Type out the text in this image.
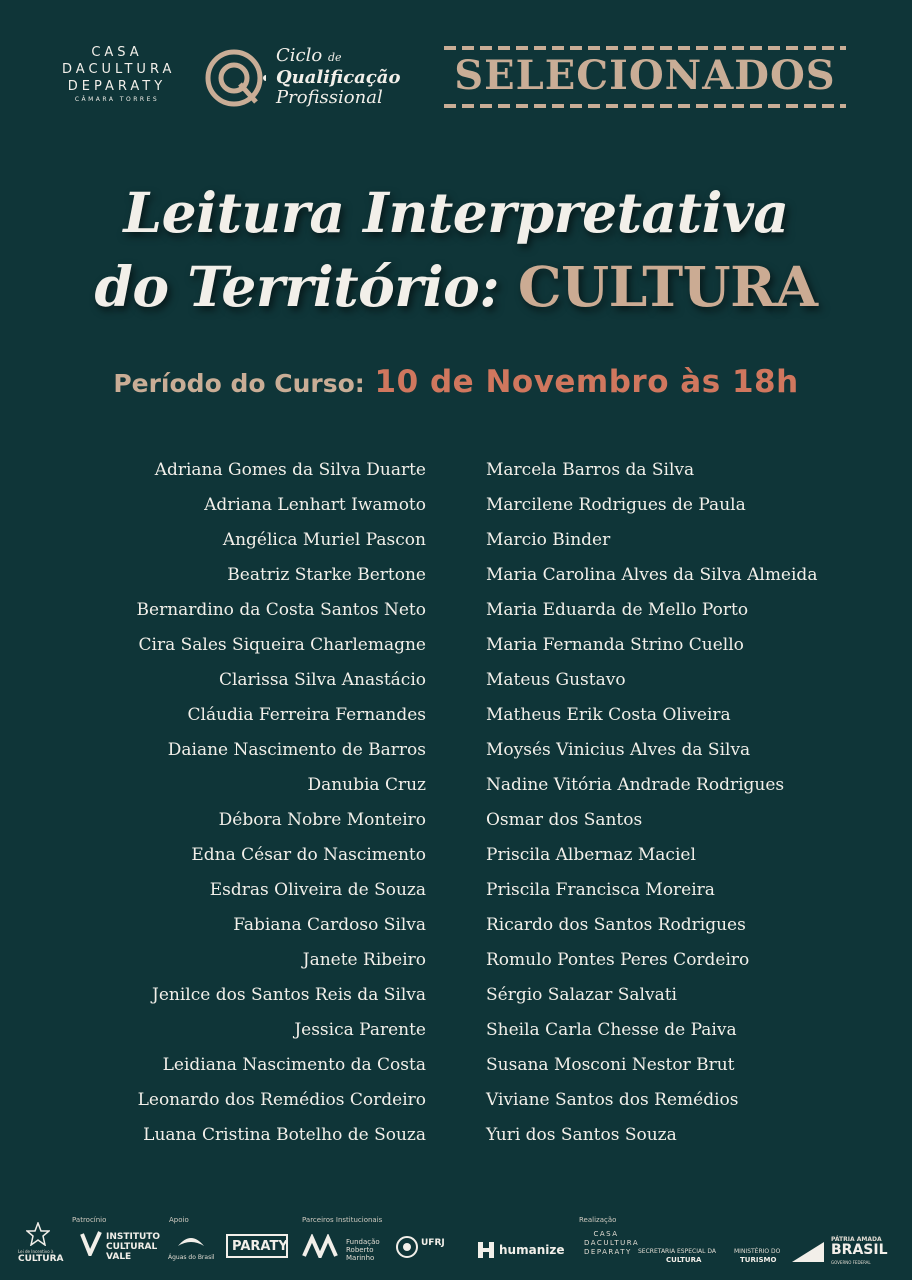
CASA
DACULTURA
DEPARATY
CÂMARA TORRES
Ciclo de
Qualificação
Profissional	SELECIONADOS
Leitura Interpretativa
do Território: CULTURA
Período do Curso: 10 de Novembro às 18h
Adriana Gomes da Silva Duarte
Adriana Lenhart Iwamoto
Angélica Muriel Pascon
Beatriz Starke Bertone
Bernardino da Costa Santos Neto
Cira Sales Siqueira Charlemagne
Clarissa Silva Anastácio
Cláudia Ferreira Fernandes
Daiane Nascimento de Barros
Danubia Cruz
Débora Nobre Monteiro
Edna César do Nascimento
Esdras Oliveira de Souza
Fabiana Cardoso Silva
Janete Ribeiro
Jenilce dos Santos Reis da Silva
Jessica Parente
Leidiana Nascimento da Costa
Leonardo dos Remédios Cordeiro
Luana Cristina Botelho de Souza
Marcela Barros da Silva
Marcilene Rodrigues de Paula
Marcio Binder
Maria Carolina Alves da Silva Almeida
Maria Eduarda de Mello Porto
Maria Fernanda Strino Cuello
Mateus Gustavo
Matheus Erik Costa Oliveira
Moysés Vinicius Alves da Silva
Nadine Vitória Andrade Rodrigues
Osmar dos Santos
Priscila Albernaz Maciel
Priscila Francisca Moreira
Ricardo dos Santos Rodrigues
Romulo Pontes Peres Cordeiro
Sérgio Salazar Salvati
Sheila Carla Chesse de Paiva
Susana Mosconi Nestor Brut
Viviane Santos dos Remédios
Yuri dos Santos Souza
Patrocínio	Apoio	Parceiros Institucionais	Realização
Lei de Incentivo à
CULTURA
INSTITUTO CULTURAL VALE	Águas do Brasil
PARATY	Fundação Roberto Marinho
UFRJ	humanize
CASA DACULTURA DEPARATY SECRETARIA ESPECIAL DA
CULTURA
MINISTÉRIO DO
TURISMO
PÁTRIA AMADA
BRASIL
GOVERNO FEDERAL
